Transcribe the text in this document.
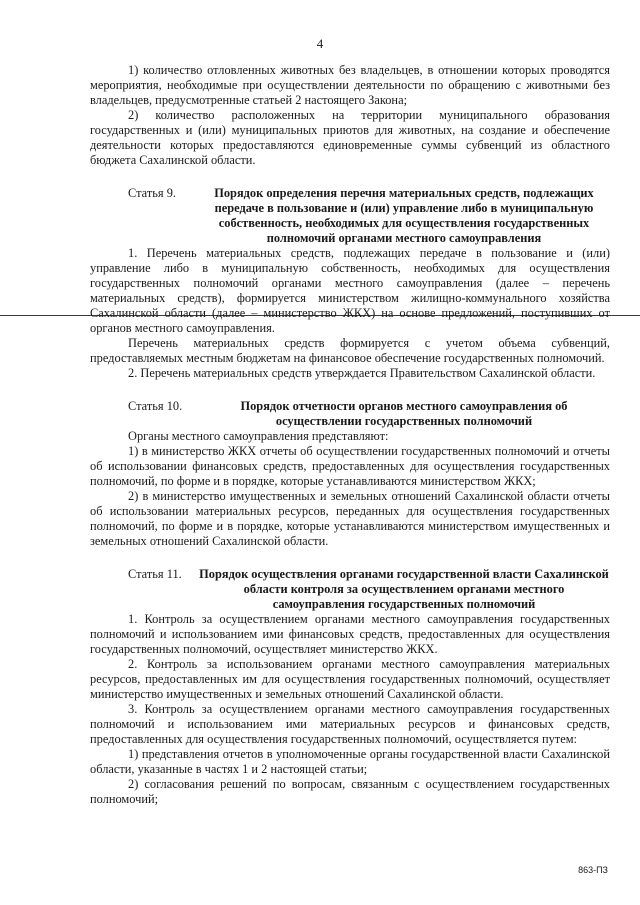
4

1) количество отловленных животных без владельцев, в отношении которых проводятся мероприятия, необходимые при осуществлении деятельности по обращению с животными без владельцев, предусмотренные статьей 2 настоящего Закона;

2) количество расположенных на территории муниципального образования государственных и (или) муниципальных приютов для животных, на создание и обеспечение деятельности которых предоставляются единовременные суммы субвенций из областного бюджета Сахалинской области.

Статья 9.	Порядок определения перечня материальных средств, подлежащих передаче в пользование и (или) управление либо в муниципальную собственность, необходимых для осуществления государственных полномочий органами местного самоуправления

1. Перечень материальных средств, подлежащих передаче в пользование и (или) управление либо в муниципальную собственность, необходимых для осуществления государственных полномочий органами местного самоуправления (далее – перечень материальных средств), формируется министерством жилищно-коммунального хозяйства Сахалинской области (далее – министерство ЖКХ) на основе предложений, поступивших от органов местного самоуправления.

Перечень материальных средств формируется с учетом объема субвенций, предоставляемых местным бюджетам на финансовое обеспечение государственных полномочий.

2. Перечень материальных средств утверждается Правительством Сахалинской области.

Статья 10.	Порядок отчетности органов местного самоуправления об осуществлении государственных полномочий

Органы местного самоуправления представляют:

1) в министерство ЖКХ отчеты об осуществлении государственных полномочий и отчеты об использовании финансовых средств, предоставленных для осуществления государственных полномочий, по форме и в порядке, которые устанавливаются министерством ЖКХ;

2) в министерство имущественных и земельных отношений Сахалинской области отчеты об использовании материальных ресурсов, переданных для осуществления государственных полномочий, по форме и в порядке, которые устанавливаются министерством имущественных и земельных отношений Сахалинской области.

Статья 11.	Порядок осуществления органами государственной власти Сахалинской области контроля за осуществлением органами местного самоуправления государственных полномочий

1. Контроль за осуществлением органами местного самоуправления государственных полномочий и использованием ими финансовых средств, предоставленных для осуществления государственных полномочий, осуществляет министерство ЖКХ.

2. Контроль за использованием органами местного самоуправления материальных ресурсов, предоставленных им для осуществления государственных полномочий, осуществляет министерство имущественных и земельных отношений Сахалинской области.

3. Контроль за осуществлением органами местного самоуправления государственных полномочий и использованием ими материальных ресурсов и финансовых средств, предоставленных для осуществления государственных полномочий, осуществляется путем:

1) представления отчетов в уполномоченные органы государственной власти Сахалинской области, указанные в частях 1 и 2 настоящей статьи;

2) согласования решений по вопросам, связанным с осуществлением государственных полномочий;

863-ПЗ
